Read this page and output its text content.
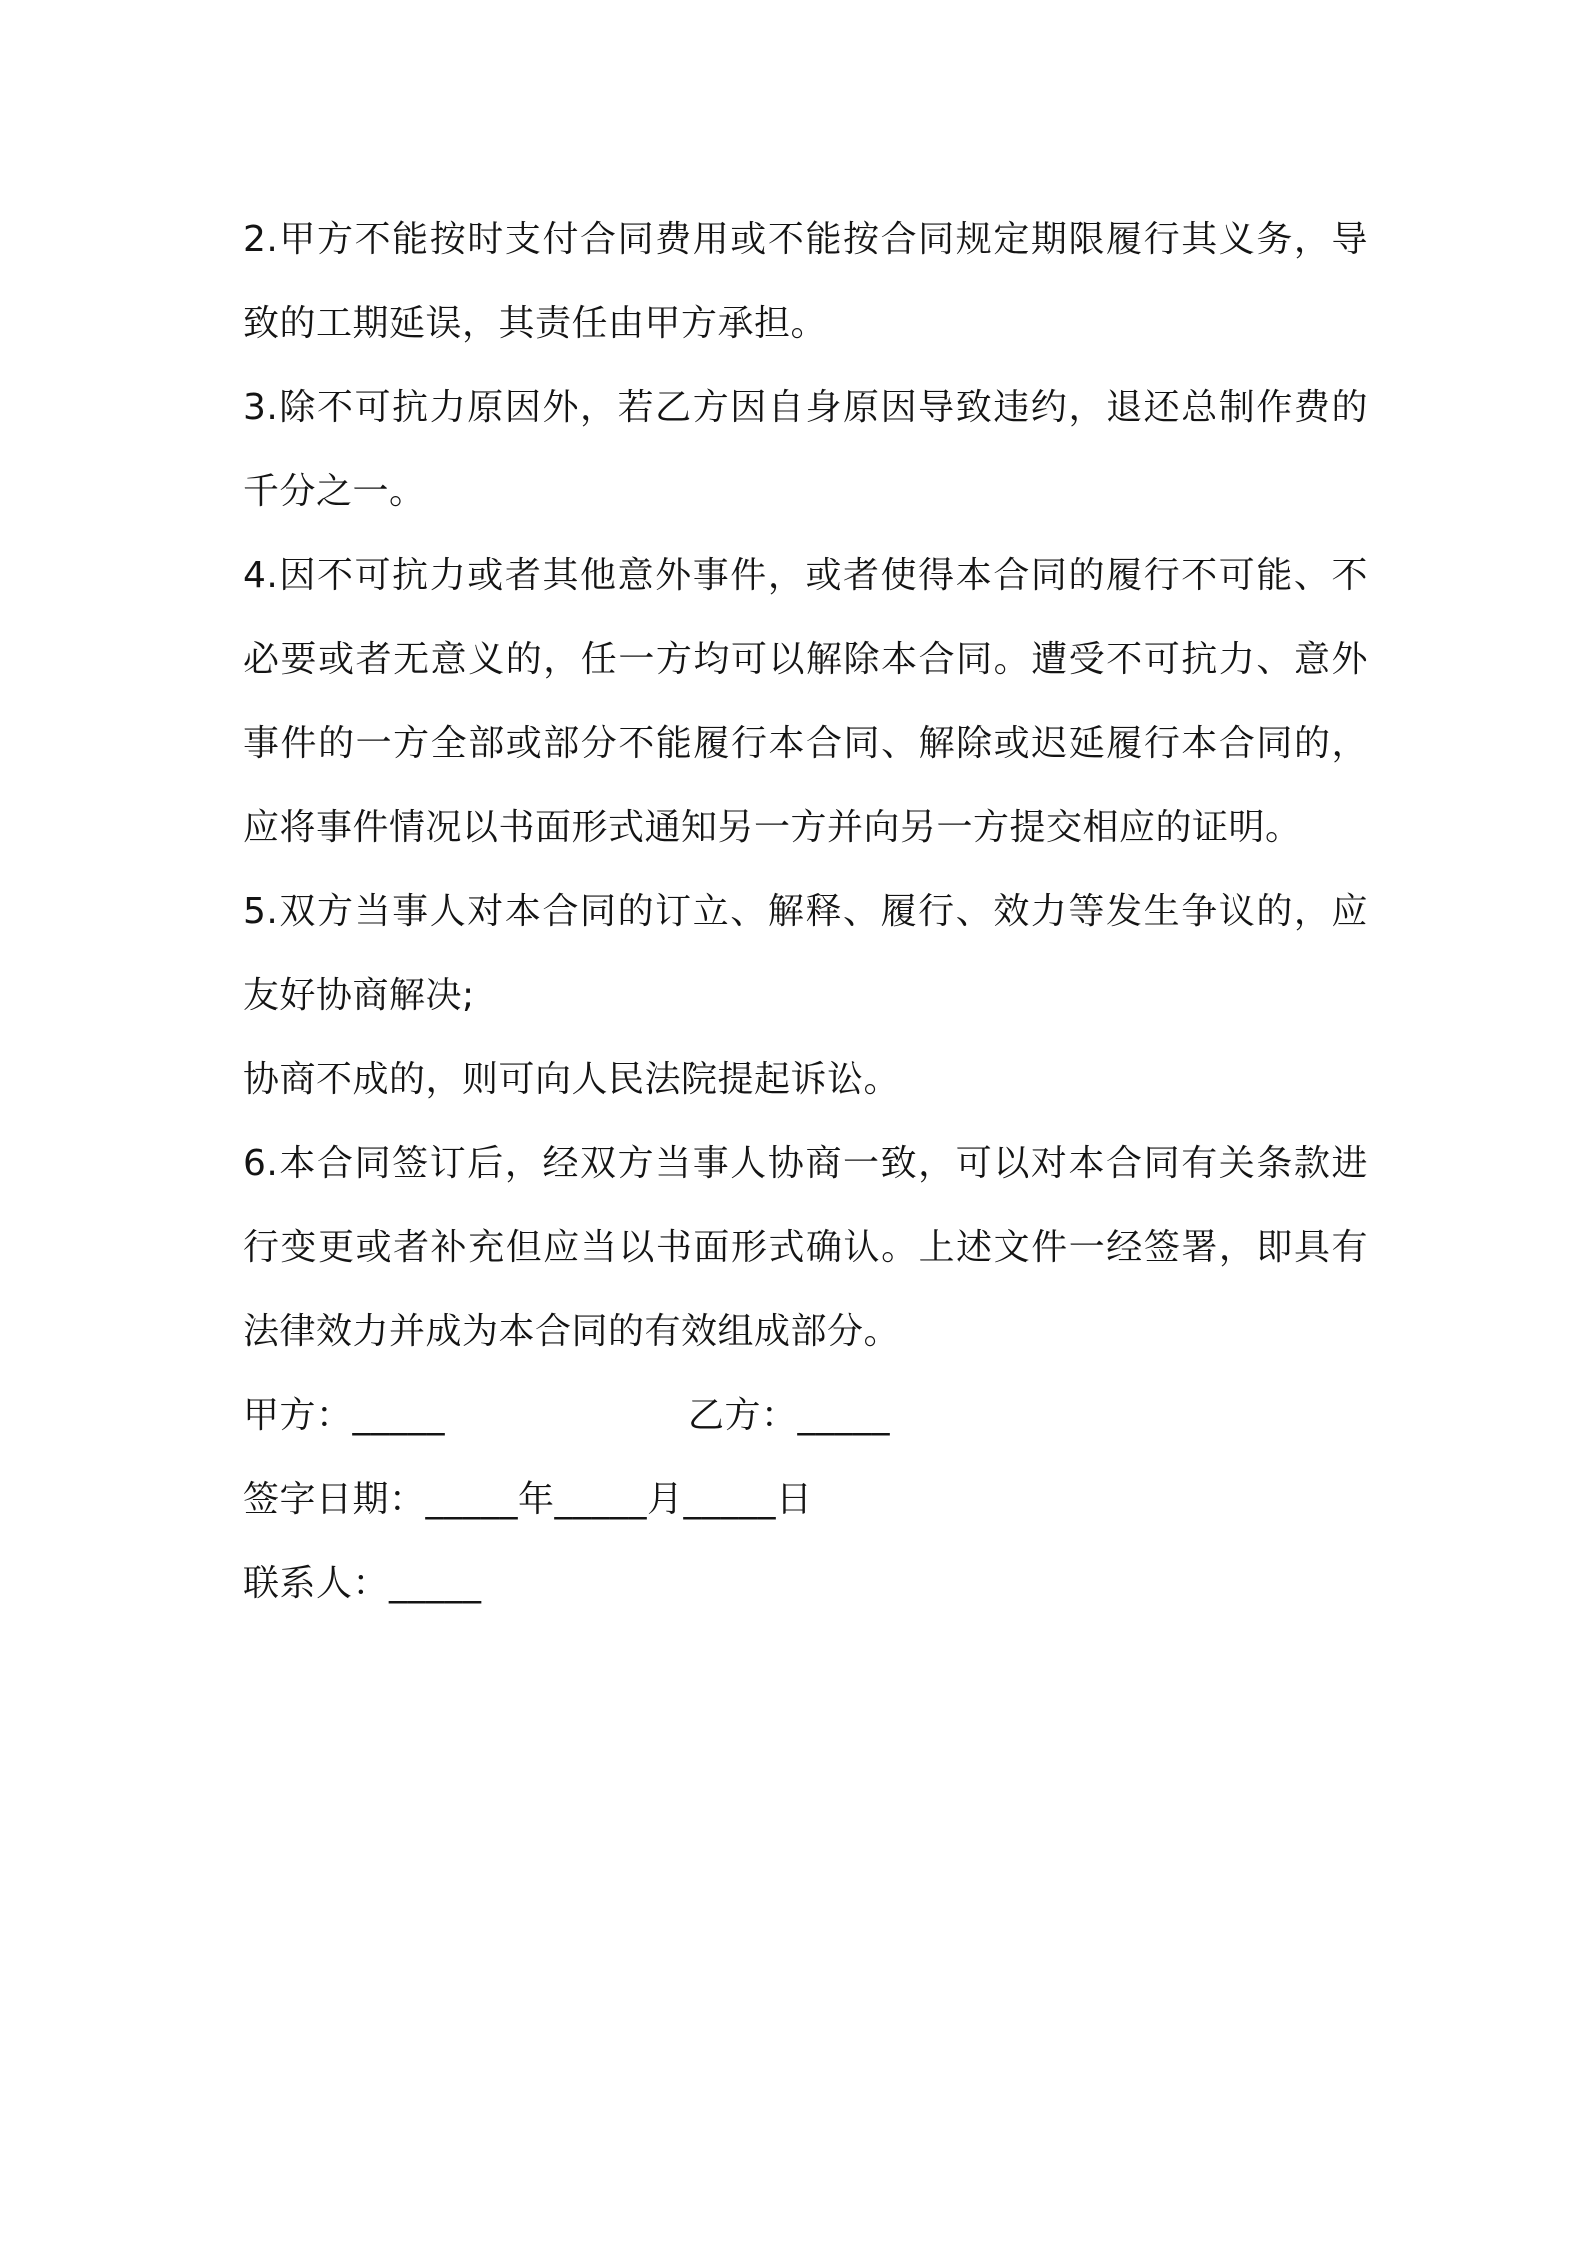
2.甲方不能按时支付合同费用或不能按合同规定期限履行其义务，导
致的工期延误，其责任由甲方承担。
3.除不可抗力原因外，若乙方因自身原因导致违约，退还总制作费的
千分之一。
4.因不可抗力或者其他意外事件，或者使得本合同的履行不可能、不
必要或者无意义的，任一方均可以解除本合同。遭受不可抗力、意外
事件的一方全部或部分不能履行本合同、解除或迟延履行本合同的，
应将事件情况以书面形式通知另一方并向另一方提交相应的证明。
5.双方当事人对本合同的订立、解释、履行、效力等发生争议的，应
友好协商解决;
协商不成的，则可向人民法院提起诉讼。
6.本合同签订后，经双方当事人协商一致，可以对本合同有关条款进
行变更或者补充但应当以书面形式确认。上述文件一经签署，即具有
法律效力并成为本合同的有效组成部分。
甲方：_____	乙方：_____
签字日期：_____年_____月_____日
联系人：_____
